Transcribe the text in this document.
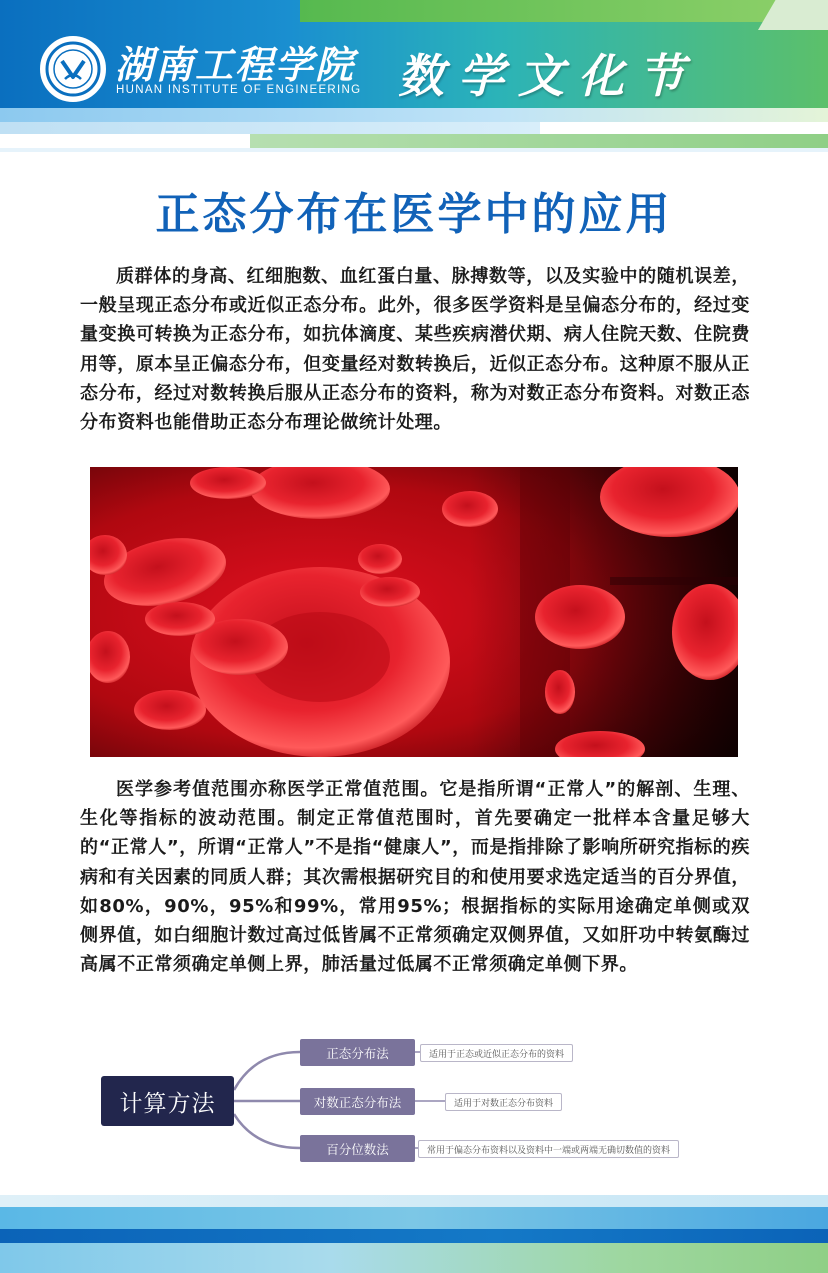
湖南工程学院
HUNAN INSTITUTE OF ENGINEERING 数学文化节
正态分布在医学中的应用

质群体的身高、红细胞数、血红蛋白量、脉搏数等，以及实验中的随机误差，一般呈现正态分布或近似正态分布。此外，很多医学资料是呈偏态分布的，经过变量变换可转换为正态分布，如抗体滴度、某些疾病潜伏期、病人住院天数、住院费用等，原本呈正偏态分布，但变量经对数转换后，近似正态分布。这种原不服从正态分布，经过对数转换后服从正态分布的资料，称为对数正态分布资料。对数正态分布资料也能借助正态分布理论做统计处理。

医学参考值范围亦称医学正常值范围。它是指所谓“正常人”的解剖、生理、生化等指标的波动范围。制定正常值范围时，首先要确定一批样本含量足够大的“正常人”，所谓“正常人”不是指“健康人”，而是指排除了影响所研究指标的疾病和有关因素的同质人群；其次需根据研究目的和使用要求选定适当的百分界值，如80%，90%，95%和99%，常用95%；根据指标的实际用途确定单侧或双侧界值，如白细胞计数过高过低皆属不正常须确定双侧界值，又如肝功中转氨酶过高属不正常须确定单侧上界，肺活量过低属不正常须确定单侧下界。

计算方法
正态分布法	适用于正态或近似正态分布的资料
对数正态分布法	适用于对数正态分布资料
百分位数法	常用于偏态分布资料以及资料中一端或两端无确切数值的资料
